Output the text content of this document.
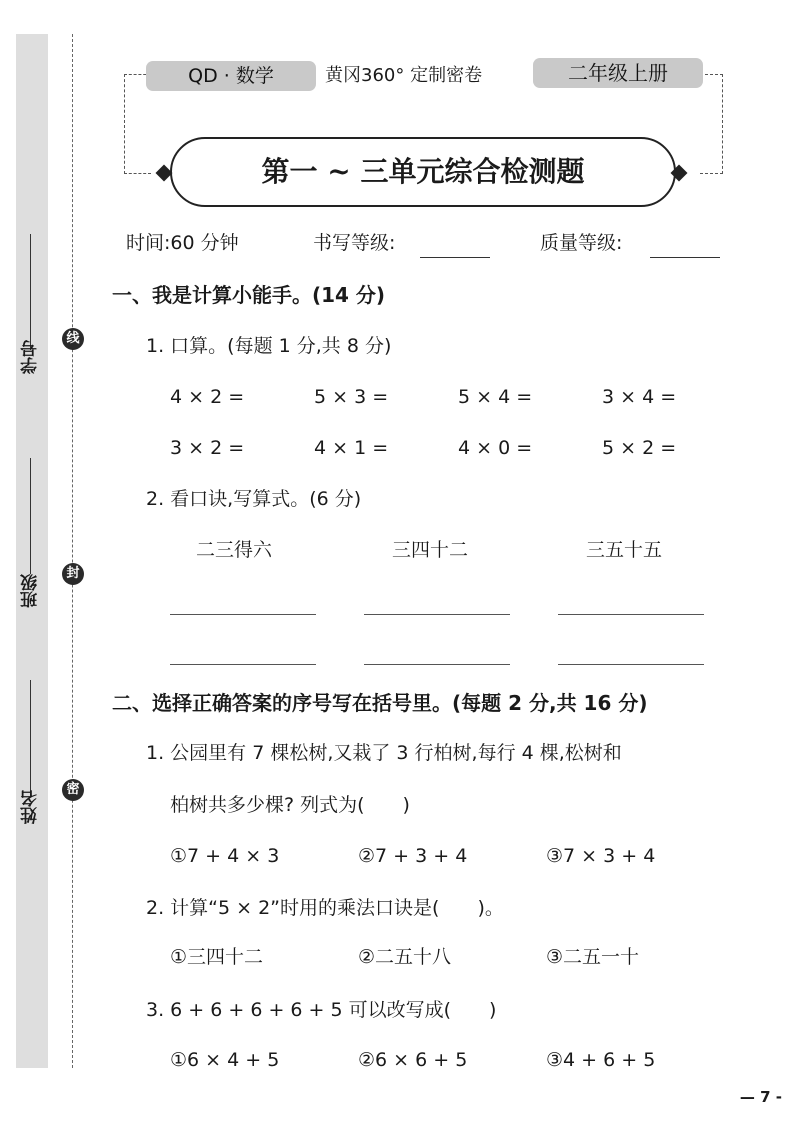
学号
班级
姓名
线
封
密
QD · 数学	黄冈360° 定制密卷	二年级上册
第一 ~ 三单元综合检测题
时间:60 分钟	书写等级:	质量等级:
一、我是计算小能手。(14 分)
1. 口算。(每题 1 分,共 8 分)
4 × 2 =	5 × 3 =	5 × 4 =	3 × 4 =
3 × 2 =	4 × 1 =	4 × 0 =	5 × 2 =
2. 看口诀,写算式。(6 分)
二三得六	三四十二	三五十五
二、选择正确答案的序号写在括号里。(每题 2 分,共 16 分)
1. 公园里有 7 棵松树,又栽了 3 行柏树,每行 4 棵,松树和
柏树共多少棵? 列式为(　　)
①7 + 4 × 3	②7 + 3 + 4	③7 × 3 + 4
2. 计算“5 × 2”时用的乘法口诀是(　　)。
①三四十二	②二五十八	③二五一十
3. 6 + 6 + 6 + 6 + 5 可以改写成(　　)
①6 × 4 + 5	②6 × 6 + 5	③4 + 6 + 5
— 7 -
